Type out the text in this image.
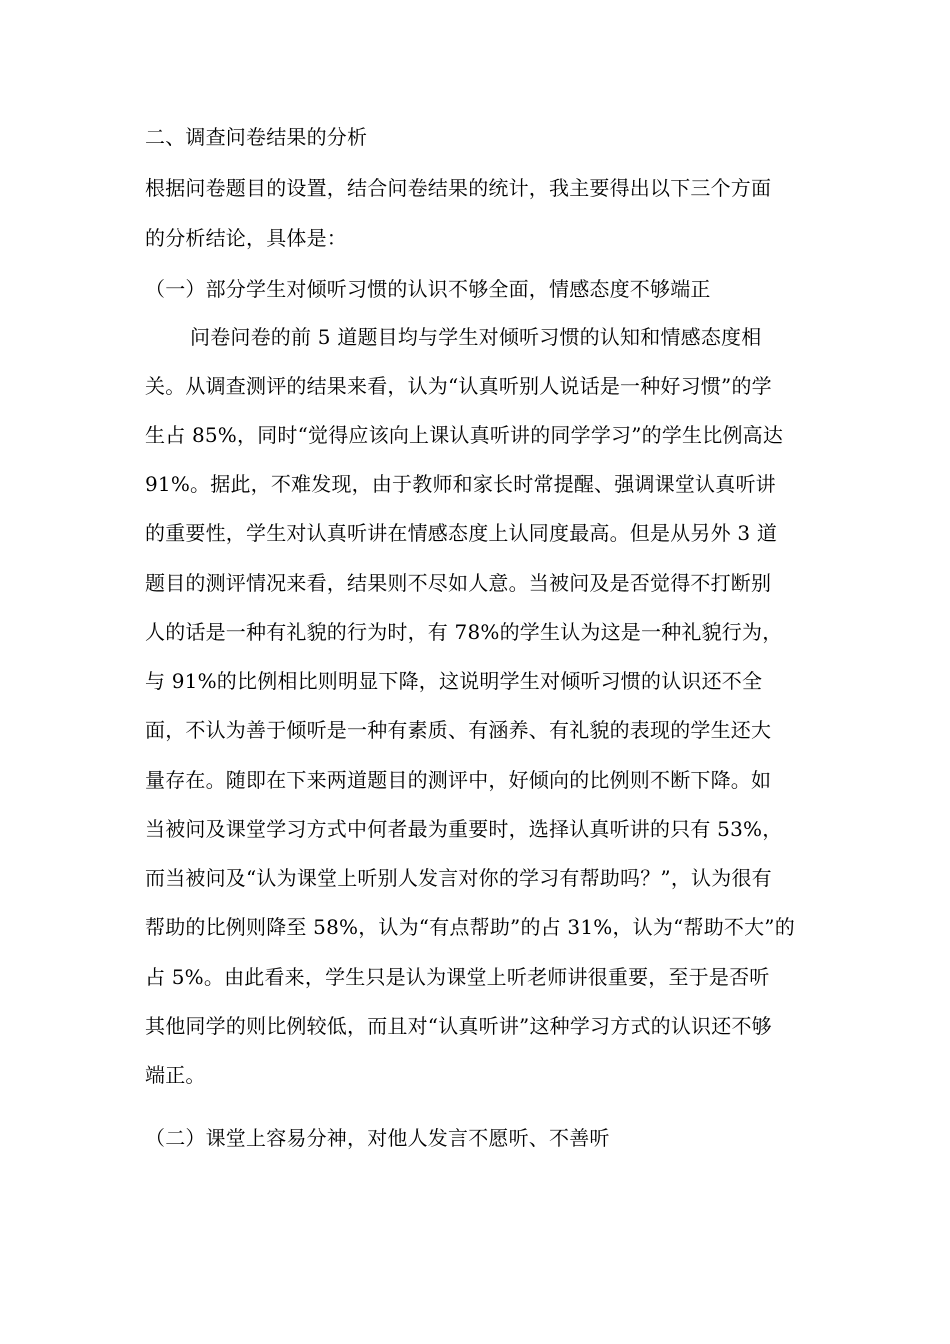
二、调查问卷结果的分析
根据问卷题目的设置，结合问卷结果的统计，我主要得出以下三个方面
的分析结论，具体是：
（一）部分学生对倾听习惯的认识不够全面，情感态度不够端正
问卷问卷的前 5 道题目均与学生对倾听习惯的认知和情感态度相
关。从调查测评的结果来看，认为“认真听别人说话是一种好习惯”的学
生占 85%，同时“觉得应该向上课认真听讲的同学学习”的学生比例高达
91%。据此，不难发现，由于教师和家长时常提醒、强调课堂认真听讲
的重要性，学生对认真听讲在情感态度上认同度最高。但是从另外 3 道
题目的测评情况来看，结果则不尽如人意。当被问及是否觉得不打断别
人的话是一种有礼貌的行为时，有 78%的学生认为这是一种礼貌行为，
与 91%的比例相比则明显下降，这说明学生对倾听习惯的认识还不全
面，不认为善于倾听是一种有素质、有涵养、有礼貌的表现的学生还大
量存在。随即在下来两道题目的测评中，好倾向的比例则不断下降。如
当被问及课堂学习方式中何者最为重要时，选择认真听讲的只有 53%，
而当被问及“认为课堂上听别人发言对你的学习有帮助吗？”，认为很有
帮助的比例则降至 58%，认为“有点帮助”的占 31%，认为“帮助不大”的
占 5%。由此看来，学生只是认为课堂上听老师讲很重要，至于是否听
其他同学的则比例较低，而且对“认真听讲”这种学习方式的认识还不够
端正。
（二）课堂上容易分神，对他人发言不愿听、不善听
